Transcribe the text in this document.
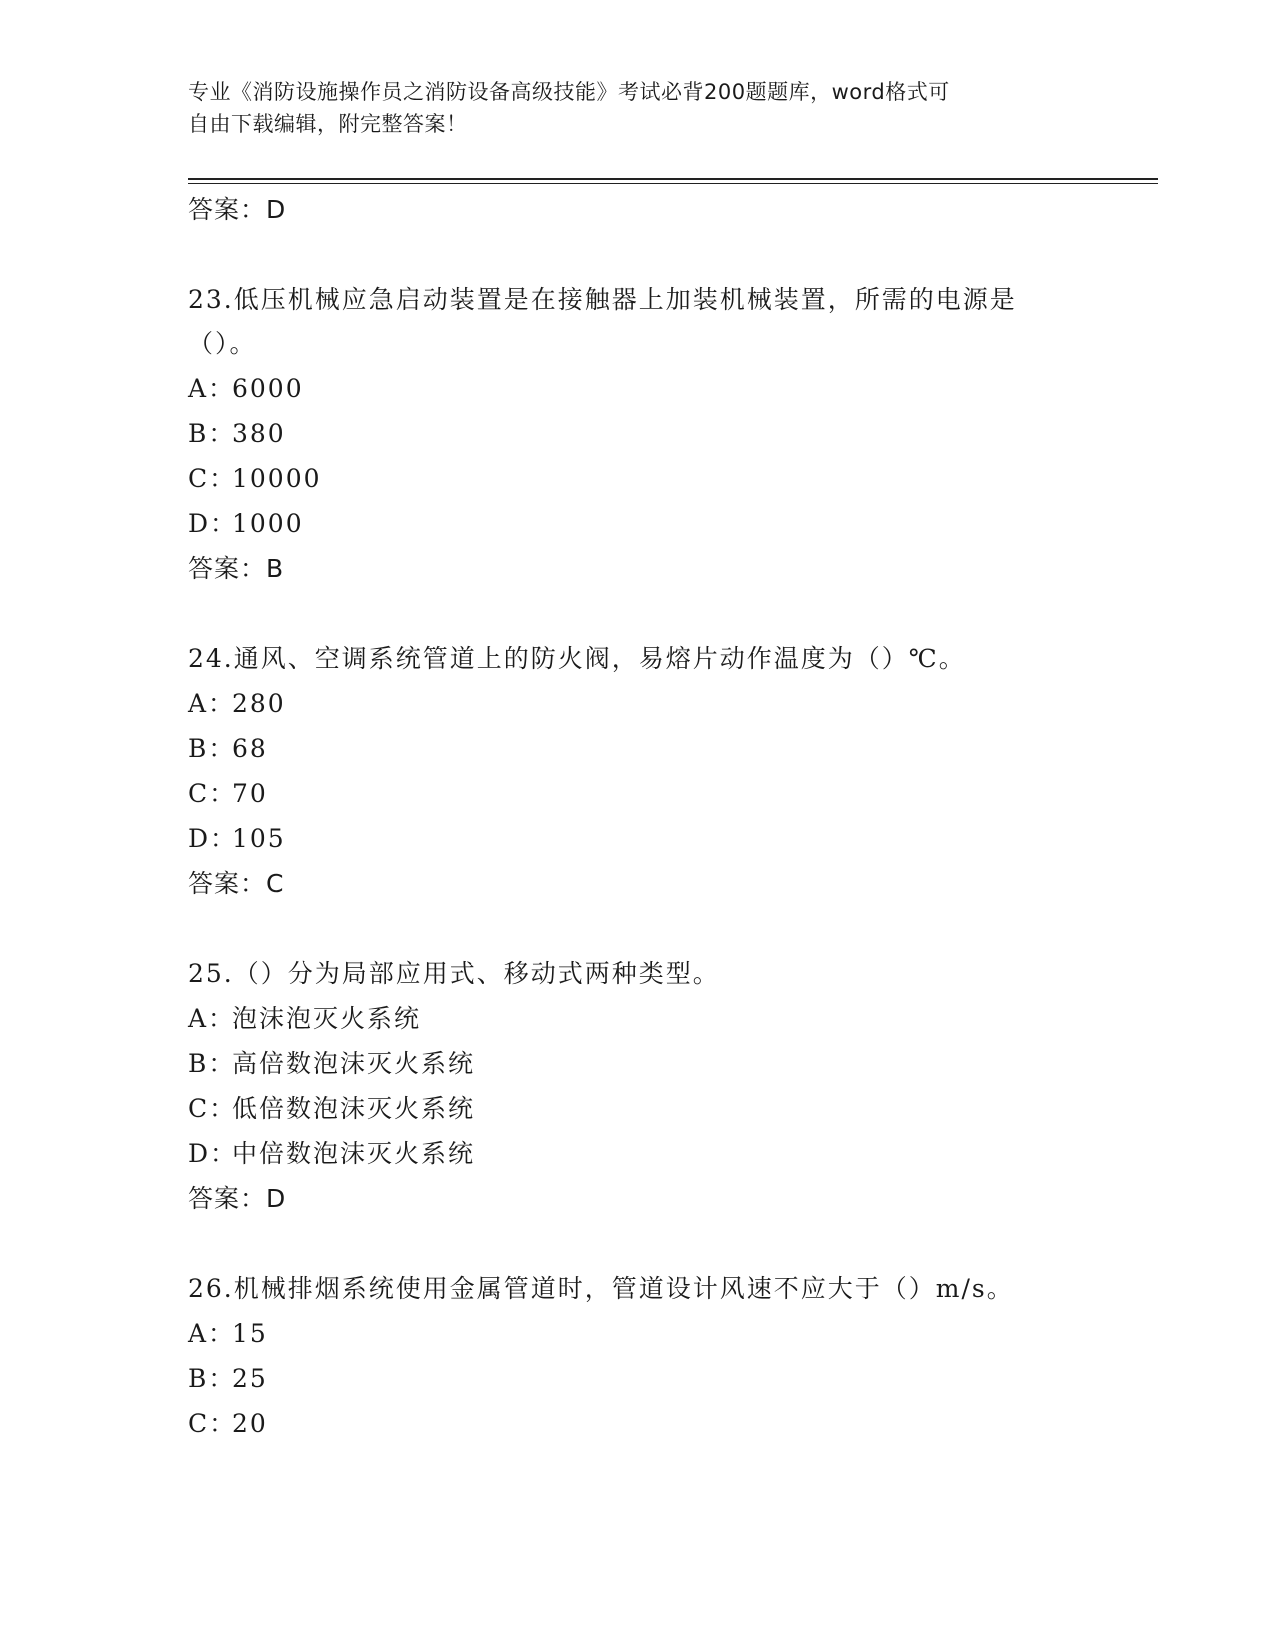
专业《消防设施操作员之消防设备高级技能》考试必背200题题库，word格式可
自由下载编辑，附完整答案！
答案：D
23.低压机械应急启动装置是在接触器上加装机械装置，所需的电源是
（）。
A：6000
B：380
C：10000
D：1000
答案：B
24.通风、空调系统管道上的防火阀，易熔片动作温度为（）℃。
A：280
B：68
C：70
D：105
答案：C
25.（）分为局部应用式、移动式两种类型。
A：泡沫泡灭火系统
B：高倍数泡沫灭火系统
C：低倍数泡沫灭火系统
D：中倍数泡沫灭火系统
答案：D
26.机械排烟系统使用金属管道时，管道设计风速不应大于（）m/s。
A：15
B：25
C：20
